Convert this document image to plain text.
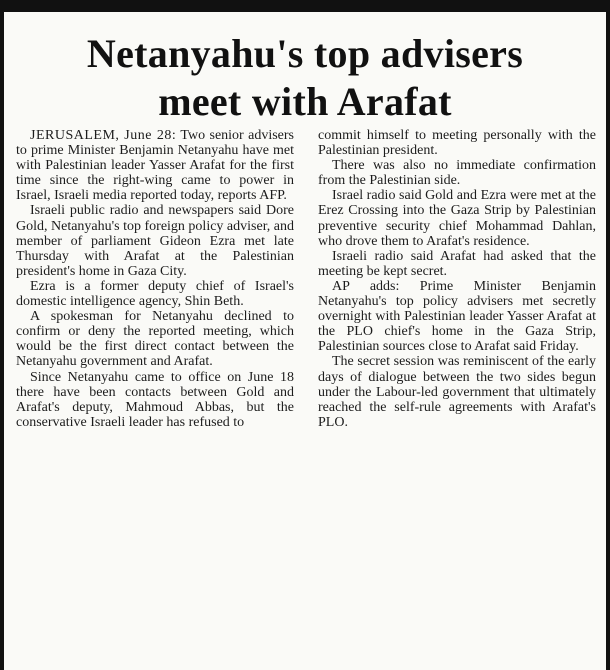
Netanyahu's top advisers
meet with Arafat

JERUSALEM, June 28: Two senior advisers to prime Minister Benjamin Netanyahu have met with Palestinian leader Yasser Arafat for the first time since the right-wing came to power in Israel, Israeli media reported today, reports AFP.

Israeli public radio and newspapers said Dore Gold, Netanyahu's top foreign policy adviser, and member of parliament Gideon Ezra met late Thursday with Arafat at the Palestinian president's home in Gaza City.

Ezra is a former deputy chief of Israel's domestic intelligence agency, Shin Beth.

A spokesman for Netanyahu declined to confirm or deny the reported meeting, which would be the first direct contact between the Netanyahu government and Arafat.

Since Netanyahu came to office on June 18 there have been contacts between Gold and Arafat's deputy, Mahmoud Abbas, but the conservative Israeli leader has refused to

commit himself to meeting personally with the Palestinian president.

There was also no immediate confirmation from the Palestinian side.

Israel radio said Gold and Ezra were met at the Erez Crossing into the Gaza Strip by Palestinian preventive security chief Mohammad Dahlan, who drove them to Arafat's residence.

Israeli radio said Arafat had asked that the meeting be kept secret.

AP adds: Prime Minister Benjamin Netanyahu's top policy advisers met secretly overnight with Palestinian leader Yasser Arafat at the PLO chief's home in the Gaza Strip, Palestinian sources close to Arafat said Friday.

The secret session was reminiscent of the early days of dialogue between the two sides begun under the Labour-led government that ultimately reached the self-rule agreements with Arafat's PLO.
